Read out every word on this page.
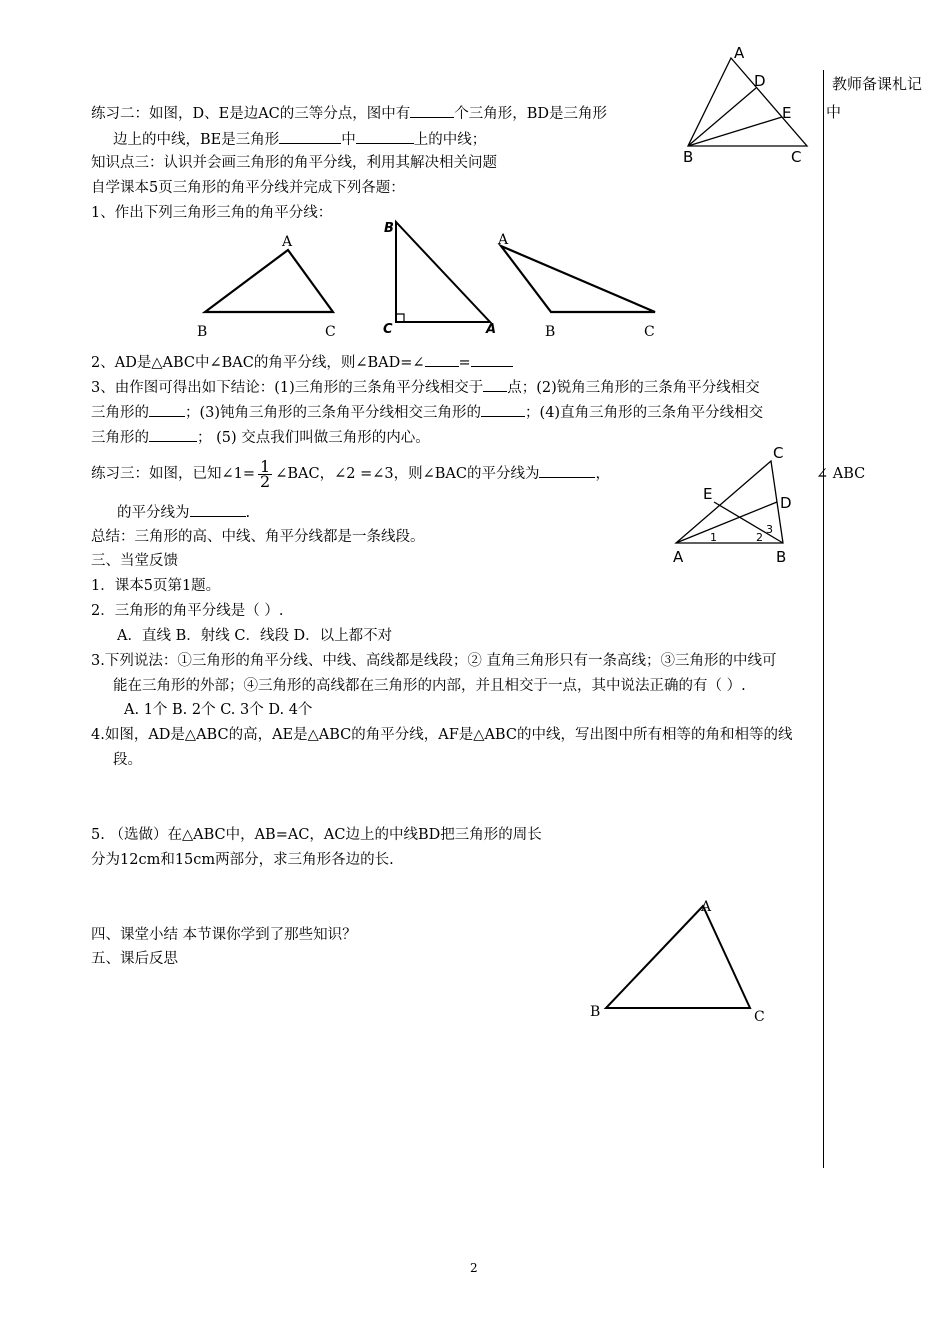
教师备课札记
中
练习二：如图，D、E是边AC的三等分点，图中有	个三角形，BD是三角形
边上的中线，BE是三角形	中	上的中线；
知识点三：认识并会画三角形的角平分线，利用其解决相关问题
自学课本5页三角形的角平分线并完成下列各题：
1、作出下列三角形三角的角平分线：
2、AD是△ABC中∠BAC的角平分线，则∠BAD=∠ =
3、由作图可得出如下结论：(1)三角形的三条角平分线相交于 点；(2)锐角三角形的三条角平分线相交
三角形的 ；(3)钝角三角形的三条角平分线相交三角形的	；(4)直角三角形的三条角平分线相交
三角形的	； (5) 交点我们叫做三角形的内心。
练习三：如图，已知∠1= $\frac{1}{2}$ ∠BAC，∠2 =∠3，则∠BAC的平分线为	，	∠ ABC
的平分线为	.
总结：三角形的高、中线、角平分线都是一条线段。
三、当堂反馈
1．课本5页第1题。
2．三角形的角平分线是（ ）.
A．直线 B．射线 C．线段 D．以上都不对
3.下列说法：①三角形的角平分线、中线、高线都是线段；② 直角三角形只有一条高线；③三角形的中线可
能在三角形的外部；④三角形的高线都在三角形的内部，并且相交于一点，其中说法正确的有（ ）.
A. 1个 B. 2个 C. 3个 D. 4个
4.如图，AD是△ABC的高，AE是△ABC的角平分线，AF是△ABC的中线，写出图中所有相等的角和相等的线
段。
5. （选做）在△ABC中，AB=AC，AC边上的中线BD把三角形的周长
分为12cm和15cm两部分，求三角形各边的长.
四、课堂小结 本节课你学到了那些知识？
五、课后反思
2
A
D
E
B	C
A
B	C
B
C	A
A
B	C
C
E	D
A	B
1	2
3
A
B	C
